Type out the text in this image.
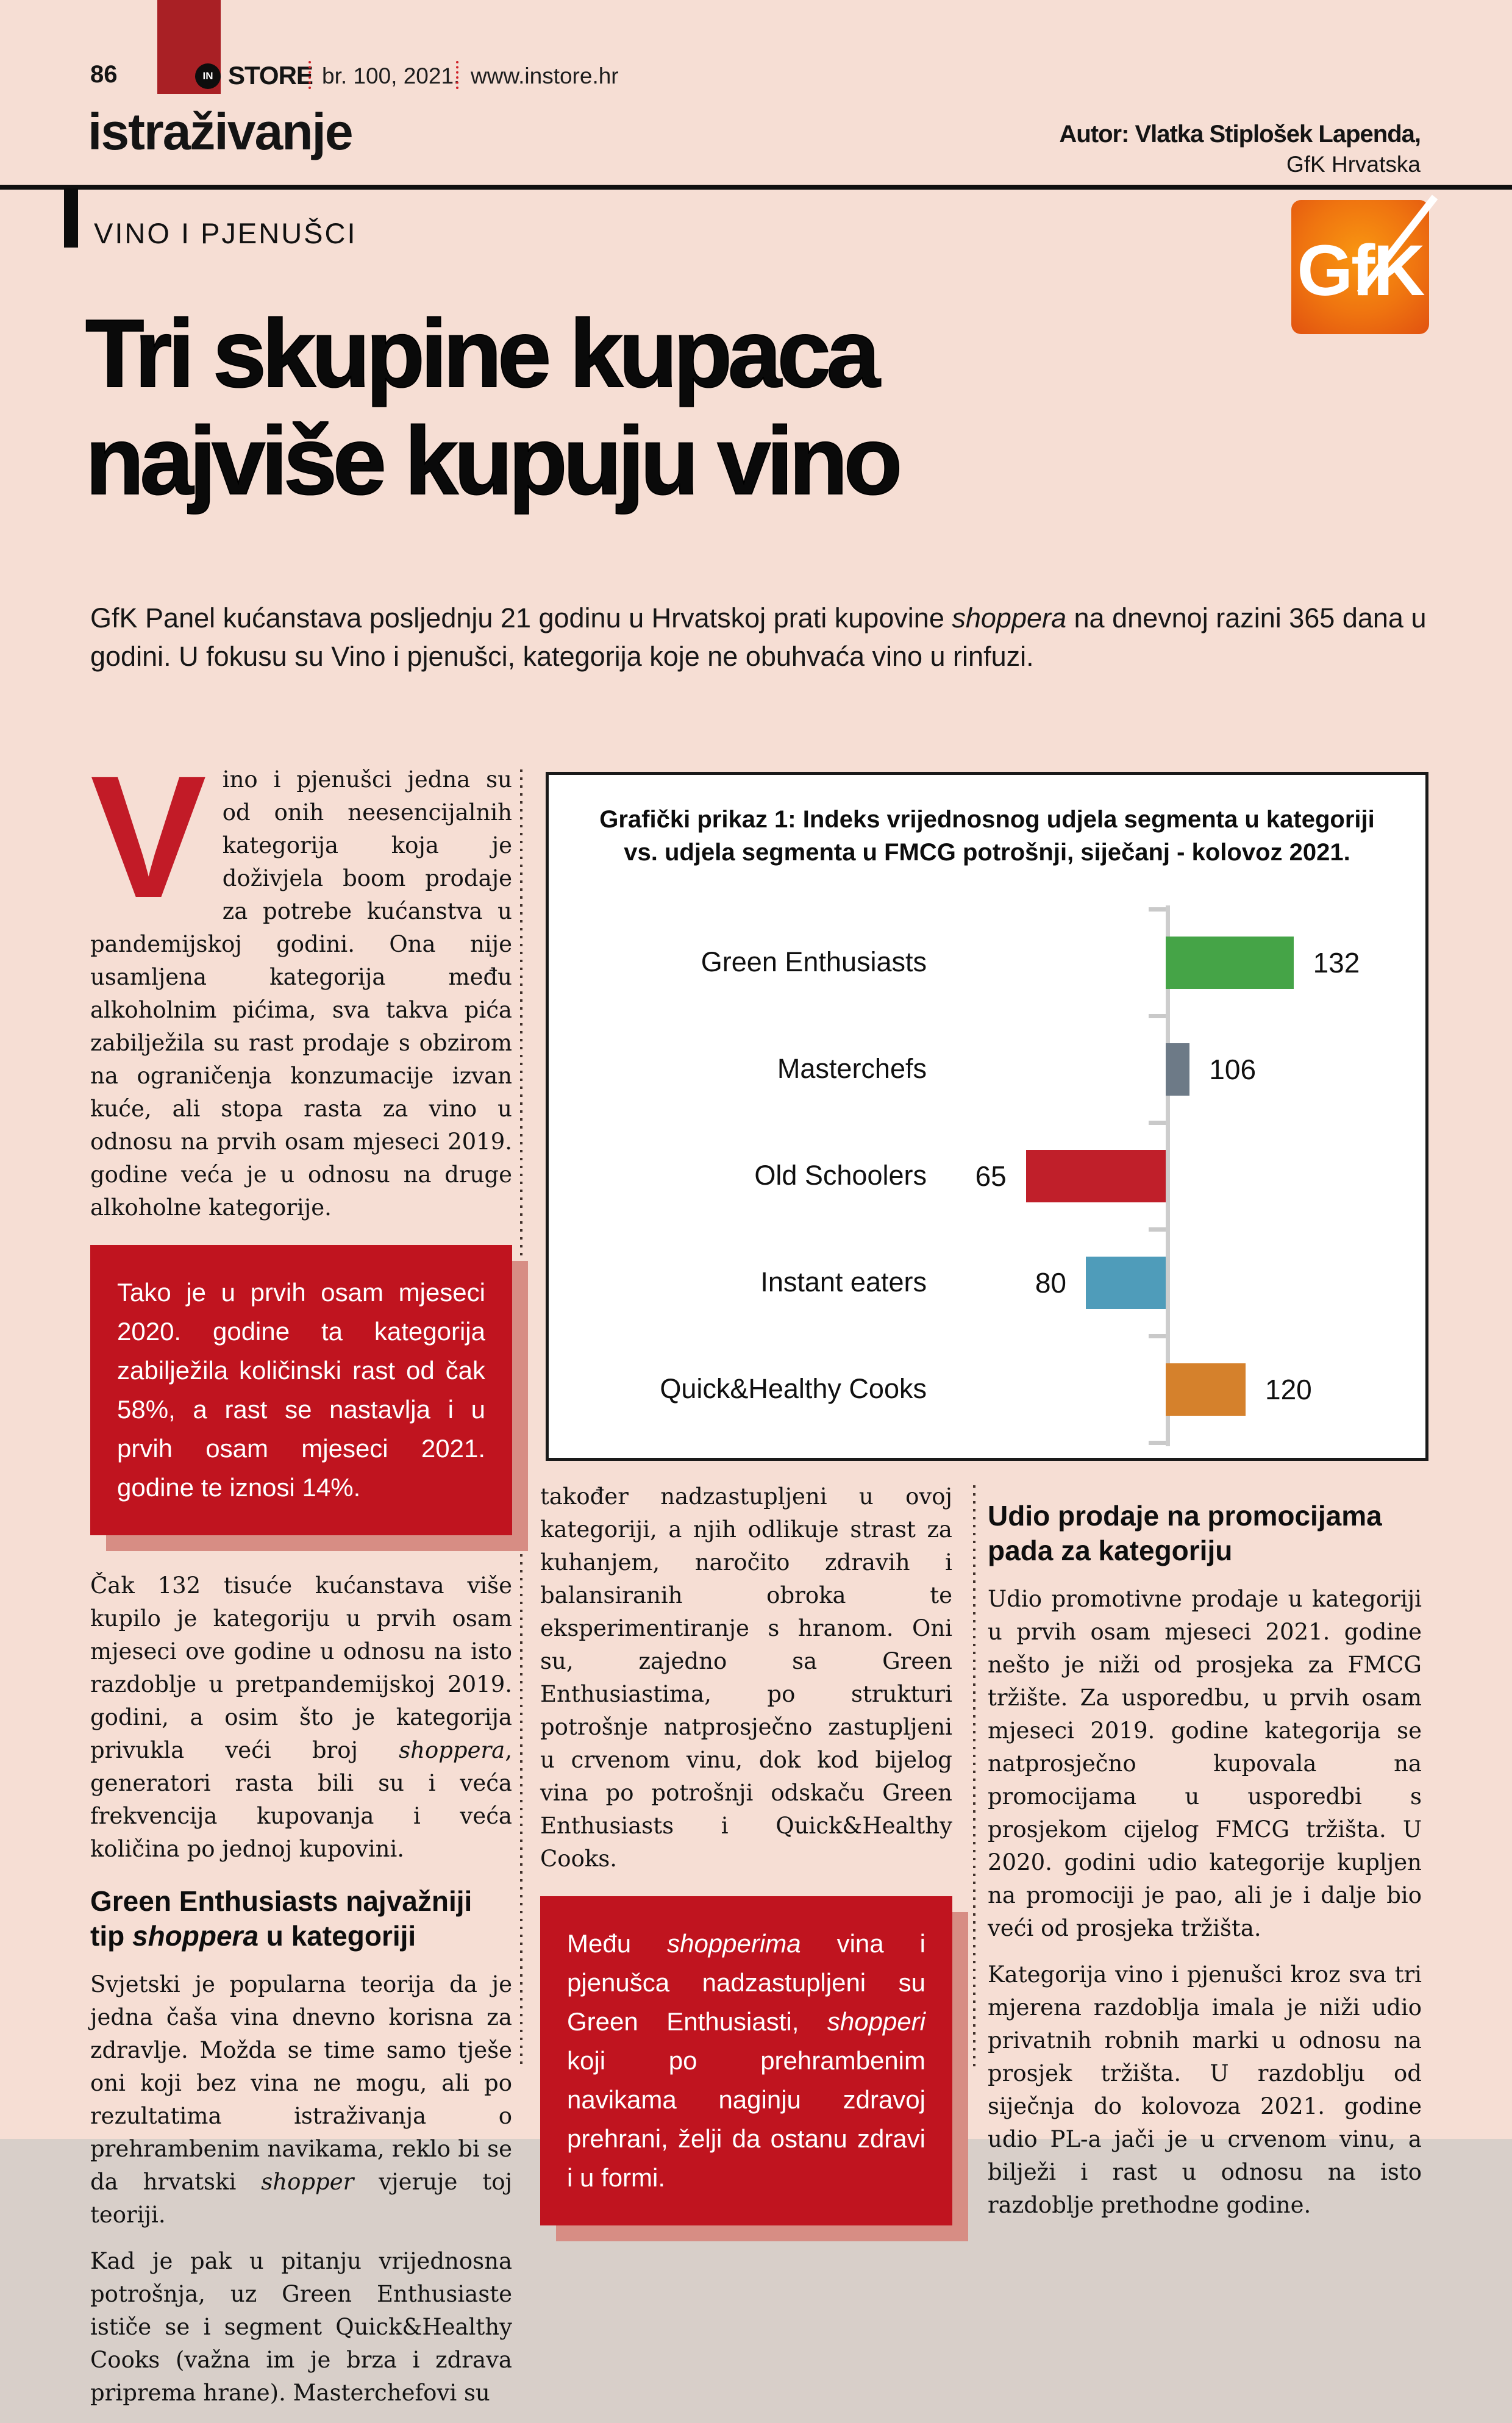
86	IN STORE br. 100, 2021. www.instore.hr
istraživanje	Autor: Vlatka Stiplošek Lapenda,
GfK Hrvatska
VINO I PJENUŠCI	GfK
Tri skupine kupaca
najviše kupuju vino
GfK Panel kućanstava posljednju 21 godinu u Hrvatskoj prati kupovine shoppera na dnevnoj razini 365 dana u godini. U fokusu su Vino i pjenušci, kategorija koje ne obuhvaća vino u rinfuzi.

Vino i pjenušci jedna su od onih neesencijalnih kategorija koja je doživjela boom prodaje za potrebe kućanstva u pandemijskoj godini. Ona nije usamljena kategorija među alkoholnim pićima, sva takva pića zabilježila su rast prodaje s obzirom na ograničenja konzumacije izvan kuće, ali stopa rasta za vino u odnosu na prvih osam mjeseci 2019. godine veća je u odnosu na druge alkoholne kategorije.

Tako je u prvih osam mjeseci 2020. godine ta kategorija zabilježila količinski rast od čak 58%, a rast se nastavlja i u prvih osam mjeseci 2021. godine te iznosi 14%.

Čak 132 tisuće kućanstava više kupilo je kategoriju u prvih osam mjeseci ove godine u odnosu na isto razdoblje u pretpandemijskoj 2019. godini, a osim što je kategorija privukla veći broj shoppera, generatori rasta bili su i veća frekvencija kupovanja i veća količina po jednoj kupovini.

Green Enthusiasts najvažniji tip shoppera u kategoriji

Svjetski je popularna teorija da je jedna čaša vina dnevno korisna za zdravlje. Možda se time samo tješe oni koji bez vina ne mogu, ali po rezultatima istraživanja o prehrambenim navikama, reklo bi se da hrvatski shopper vjeruje toj teoriji.

Kad je pak u pitanju vrijednosna potrošnja, uz Green Enthusiaste ističe se i segment Quick&Healthy Cooks (važna im je brza i zdrava priprema hrane). Masterchefovi su

također nadzastupljeni u ovoj kategoriji, a njih odlikuje strast za kuhanjem, naročito zdravih i balansiranih obroka te eksperimentiranje s hranom. Oni su, zajedno sa Green Enthusiastima, po strukturi potrošnje natprosječno zastupljeni u crvenom vinu, dok kod bijelog vina po potrošnji odskaču Green Enthusiasts i Quick&Healthy Cooks.

Među shopperima vina i pjenušca nadzastupljeni su Green Enthusiasti, shopperi koji po prehrambenim navikama naginju zdravoj prehrani, želji da ostanu zdravi i u formi.
Udio prodaje na promocijama pada za kategoriju

Udio promotivne prodaje u kategoriji u prvih osam mjeseci 2021. godine nešto je niži od prosjeka za FMCG tržište. Za usporedbu, u prvih osam mjeseci 2019. godine kategorija se natprosječno kupovala na promocijama u usporedbi s prosjekom cijelog FMCG tržišta. U 2020. godini udio kategorije kupljen na promociji je pao, ali je i dalje bio veći od prosjeka tržišta.

Kategorija vino i pjenušci kroz sva tri mjerena razdoblja imala je niži udio privatnih robnih marki u odnosu na prosjek tržišta. U razdoblju od siječnja do kolovoza 2021. godine udio PL-a jači je u crvenom vinu, a bilježi i rast u odnosu na isto razdoblje prethodne godine.

Grafički prikaz 1: Indeks vrijednosnog udjela segmenta u kategoriji
vs. udjela segmenta u FMCG potrošnji, siječanj - kolovoz 2021.
Green Enthusiasts	132
Masterchefs	106
Old Schoolers	65
Instant eaters	80
Quick&Healthy Cooks	120
